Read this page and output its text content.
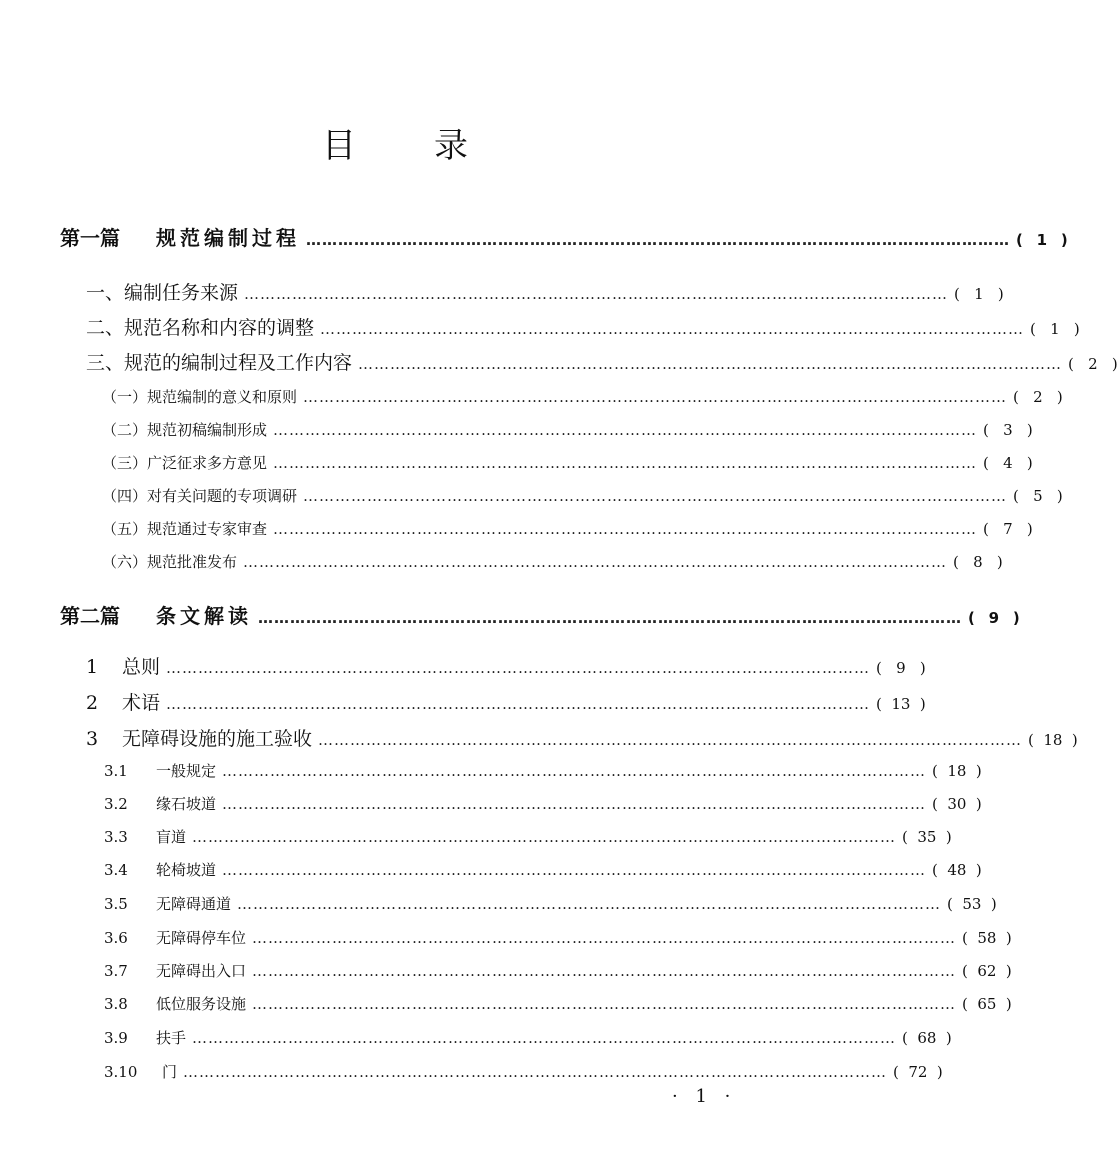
目 录
第一篇	规范编制过程 …………………………………………………………………………………………………………………… ( 1 )
一、编制任务来源 …………………………………………………………………………………………………………………… ( 1 )
二、规范名称和内容的调整 …………………………………………………………………………………………………………………… ( 1 )
三、规范的编制过程及工作内容 …………………………………………………………………………………………………………………… ( 2 )
（一）规范编制的意义和原则 …………………………………………………………………………………………………………………… ( 2 )
（二）规范初稿编制形成 …………………………………………………………………………………………………………………… ( 3 )
（三）广泛征求多方意见 …………………………………………………………………………………………………………………… ( 4 )
（四）对有关问题的专项调研 …………………………………………………………………………………………………………………… ( 5 )
（五）规范通过专家审查 …………………………………………………………………………………………………………………… ( 7 )
（六）规范批准发布 …………………………………………………………………………………………………………………… ( 8 )
第二篇	条文解读 …………………………………………………………………………………………………………………… ( 9 )
1	总则 …………………………………………………………………………………………………………………… ( 9 )
2	术语 …………………………………………………………………………………………………………………… ( 13 )
3	无障碍设施的施工验收 …………………………………………………………………………………………………………………… ( 18 )
3.1	一般规定 …………………………………………………………………………………………………………………… ( 18 )
3.2	缘石坡道 …………………………………………………………………………………………………………………… ( 30 )
3.3	盲道 …………………………………………………………………………………………………………………… ( 35 )
3.4	轮椅坡道 …………………………………………………………………………………………………………………… ( 48 )
3.5	无障碍通道 …………………………………………………………………………………………………………………… ( 53 )
3.6	无障碍停车位 …………………………………………………………………………………………………………………… ( 58 )
3.7	无障碍出入口 …………………………………………………………………………………………………………………… ( 62 )
3.8	低位服务设施 …………………………………………………………………………………………………………………… ( 65 )
3.9	扶手 …………………………………………………………………………………………………………………… ( 68 )
3.10	门 …………………………………………………………………………………………………………………… ( 72 )
· 1 ·
